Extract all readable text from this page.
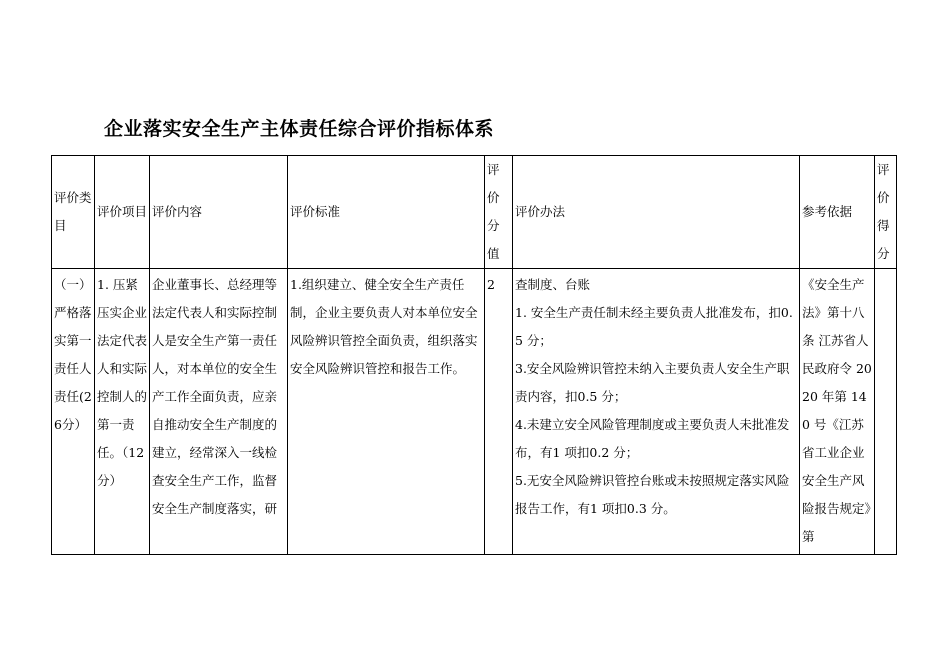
企业落实安全生产主体责任综合评价指标体系
评价类目	评价项目	评价内容	评价标准	评价分值	评价办法	参考依据	评价得分
（一）严格落实第一责任人责任(26分）	1. 压紧压实企业法定代表人和实际控制人的第一责任。（12分）	企业董事长、总经理等法定代表人和实际控制人是安全生产第一责任人，对本单位的安全生产工作全面负责，应亲自推动安全生产制度的建立，经常深入一线检查安全生产工作，监督安全生产制度落实，研	1.组织建立、健全安全生产责任制，企业主要负责人对本单位安全风险辨识管控全面负责，组织落实安全风险辨识管控和报告工作。	2	查制度、台账
1. 安全生产责任制未经主要负责人批准发布，扣0.5 分；
3.安全风险辨识管控未纳入主要负责人安全生产职责内容，扣0.5 分；
4.未建立安全风险管理制度或主要负责人未批准发布，有1 项扣0.2 分；
5.无安全风险辨识管控台账或未按照规定落实风险报告工作，有1 项扣0.3 分。	《安全生产法》第十八条 江苏省人民政府令 2020 年第 140 号《江苏省工业企业安全生产风险报告规定》第	
